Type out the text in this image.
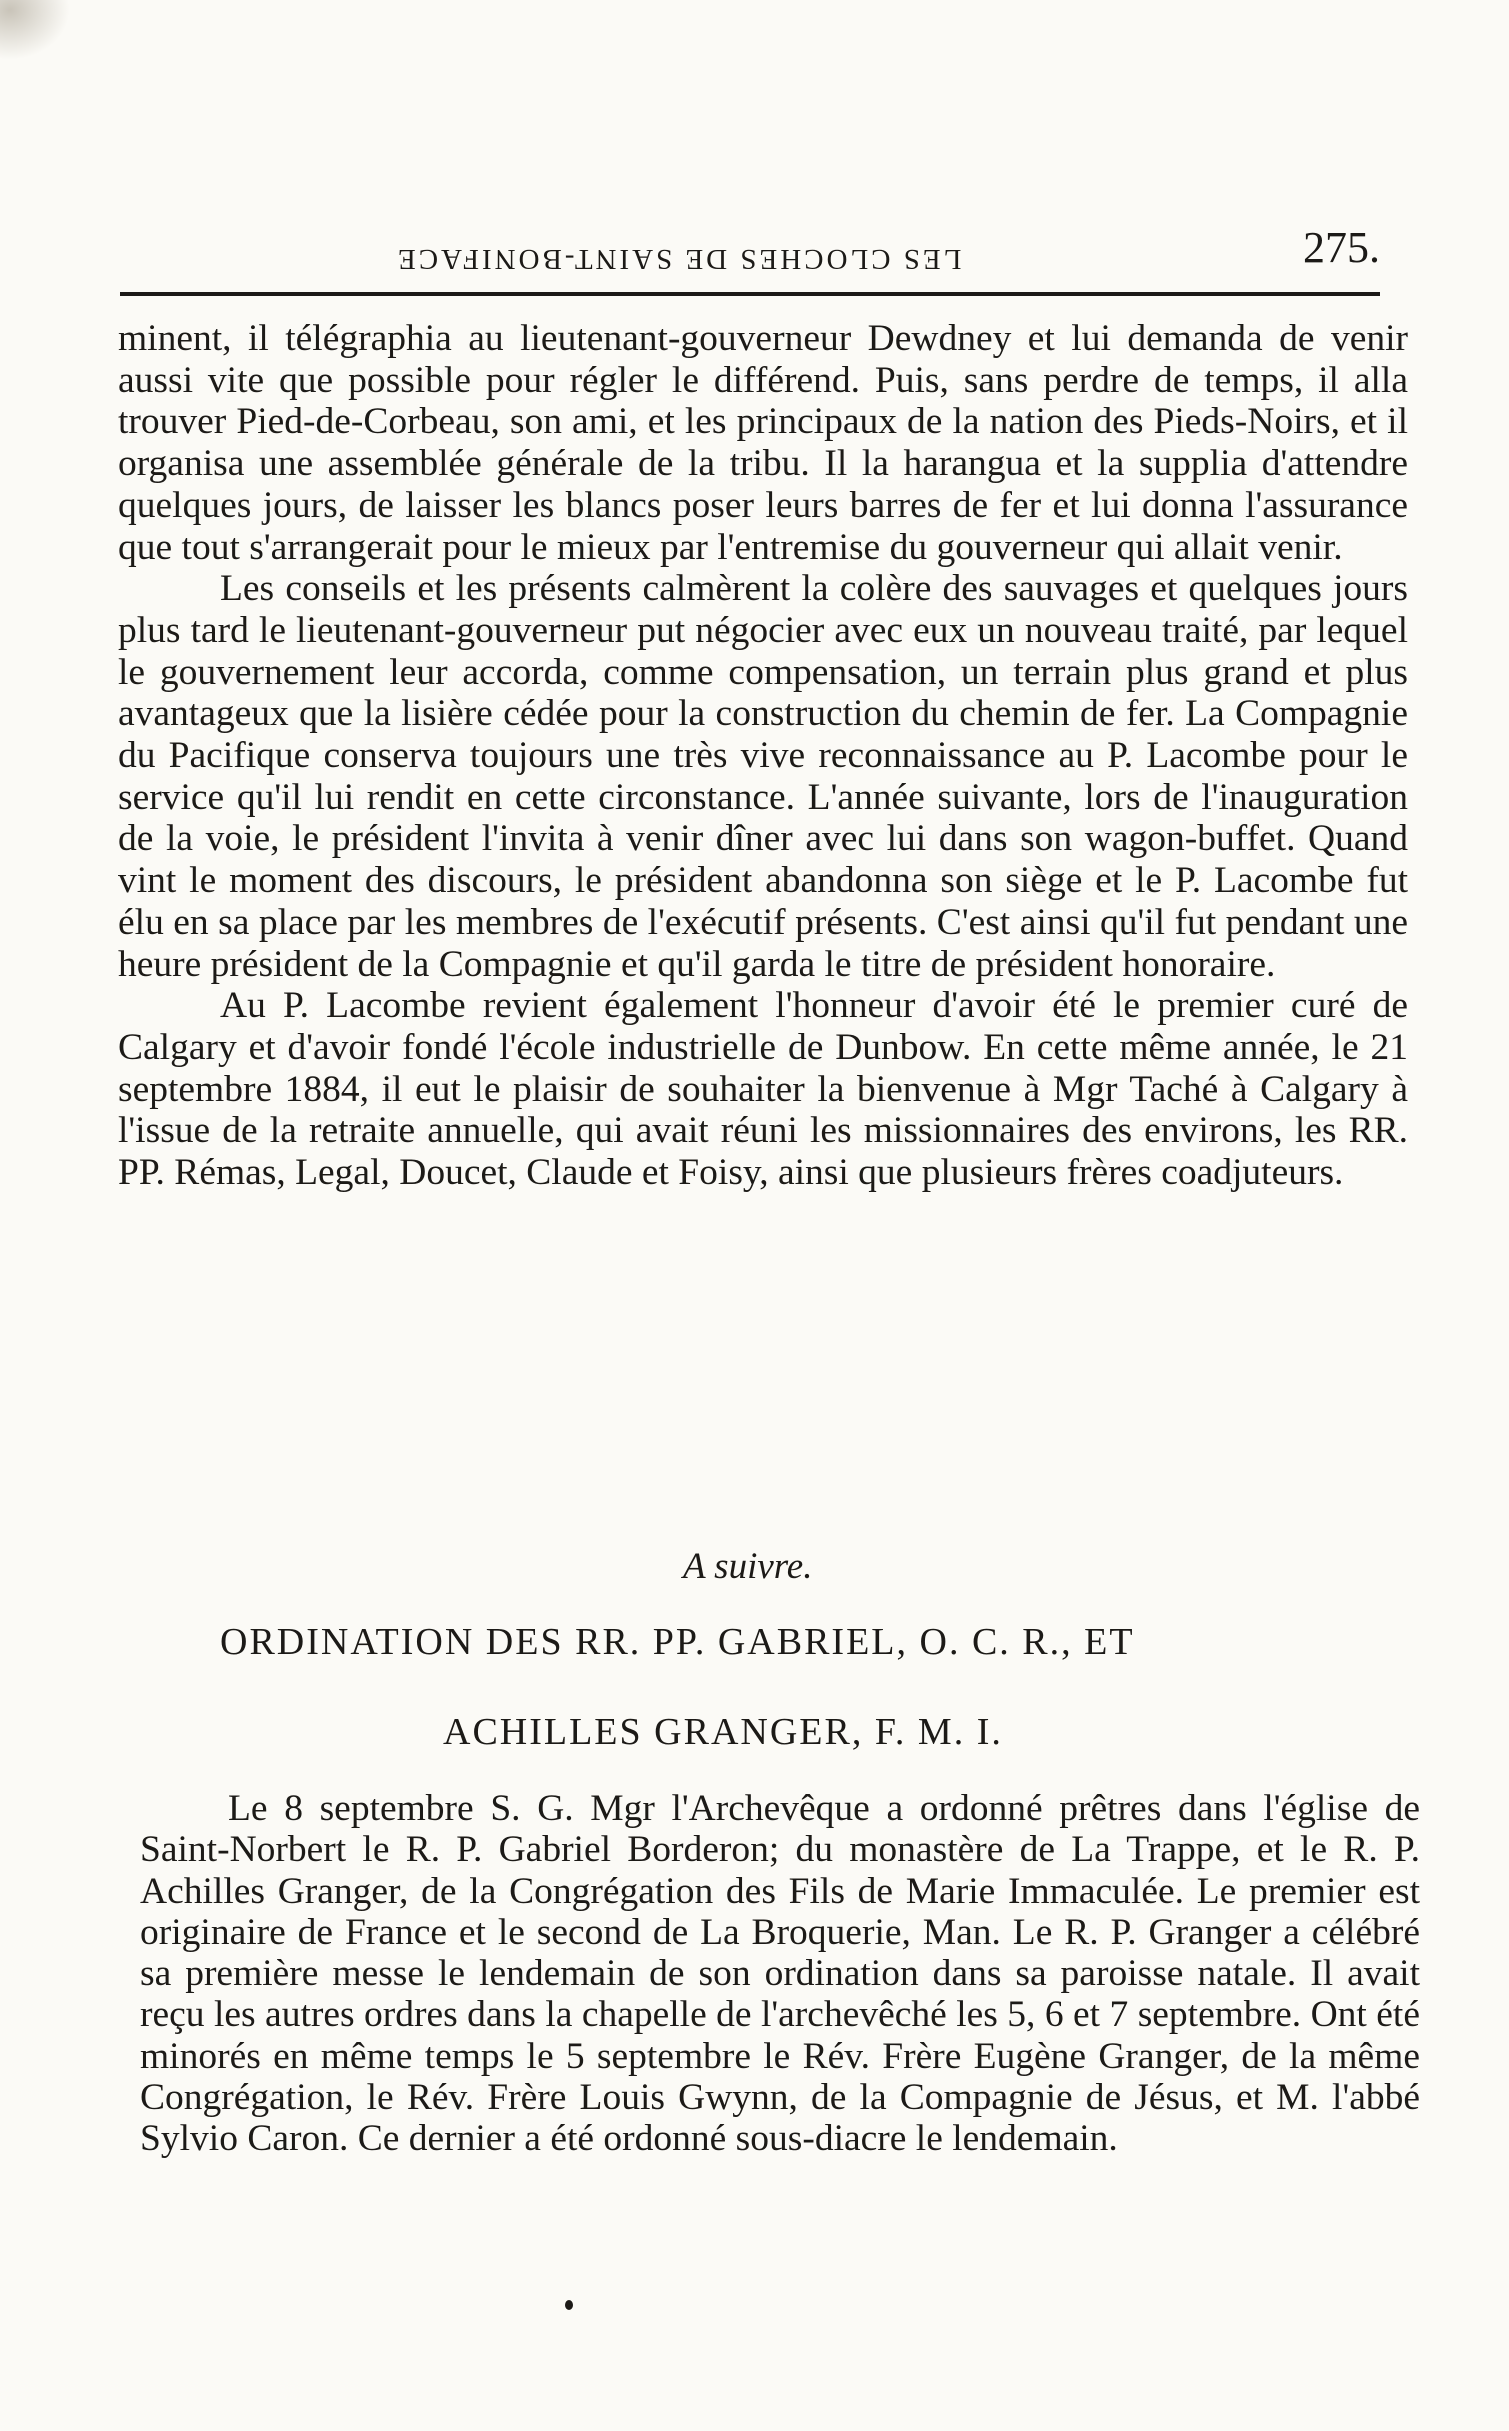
LES CLOCHES DE SAINT-BONIFACE	275.

minent, il télégraphia au lieutenant-gouverneur Dewdney et lui demanda de venir aussi vite que possible pour régler le différend. Puis, sans perdre de temps, il alla trouver Pied-de-Corbeau, son ami, et les principaux de la nation des Pieds-Noirs, et il organisa une assemblée générale de la tribu. Il la harangua et la supplia d'attendre quelques jours, de laisser les blancs poser leurs barres de fer et lui donna l'assurance que tout s'arrangerait pour le mieux par l'entremise du gouverneur qui allait venir.

Les conseils et les présents calmèrent la colère des sauvages et quelques jours plus tard le lieutenant-gouverneur put négocier avec eux un nouveau traité, par lequel le gouvernement leur accorda, comme compensation, un terrain plus grand et plus avantageux que la lisière cédée pour la construction du chemin de fer. La Compagnie du Pacifique conserva toujours une très vive reconnaissance au P. Lacombe pour le service qu'il lui rendit en cette circonstance. L'année suivante, lors de l'inauguration de la voie, le président l'invita à venir dîner avec lui dans son wagon-buffet. Quand vint le moment des discours, le président abandonna son siège et le P. Lacombe fut élu en sa place par les membres de l'exécutif présents. C'est ainsi qu'il fut pendant une heure président de la Compagnie et qu'il garda le titre de président honoraire.

Au P. Lacombe revient également l'honneur d'avoir été le premier curé de Calgary et d'avoir fondé l'école industrielle de Dunbow. En cette même année, le 21 septembre 1884, il eut le plaisir de souhaiter la bienvenue à Mgr Taché à Calgary à l'issue de la retraite annuelle, qui avait réuni les missionnaires des environs, les RR. PP. Rémas, Legal, Doucet, Claude et Foisy, ainsi que plusieurs frères coadjuteurs.

A suivre.
ORDINATION DES RR. PP. GABRIEL, O. C. R., ET
ACHILLES GRANGER, F. M. I.

Le 8 septembre S. G. Mgr l'Archevêque a ordonné prêtres dans l'église de Saint-Norbert le R. P. Gabriel Borderon; du monastère de La Trappe, et le R. P. Achilles Granger, de la Congrégation des Fils de Marie Immaculée. Le premier est originaire de France et le second de La Broquerie, Man. Le R. P. Granger a célébré sa première messe le lendemain de son ordination dans sa paroisse natale. Il avait reçu les autres ordres dans la chapelle de l'archevêché les 5, 6 et 7 septembre. Ont été minorés en même temps le 5 septembre le Rév. Frère Eugène Granger, de la même Congrégation, le Rév. Frère Louis Gwynn, de la Compagnie de Jésus, et M. l'abbé Sylvio Caron. Ce dernier a été ordonné sous-diacre le lendemain.
